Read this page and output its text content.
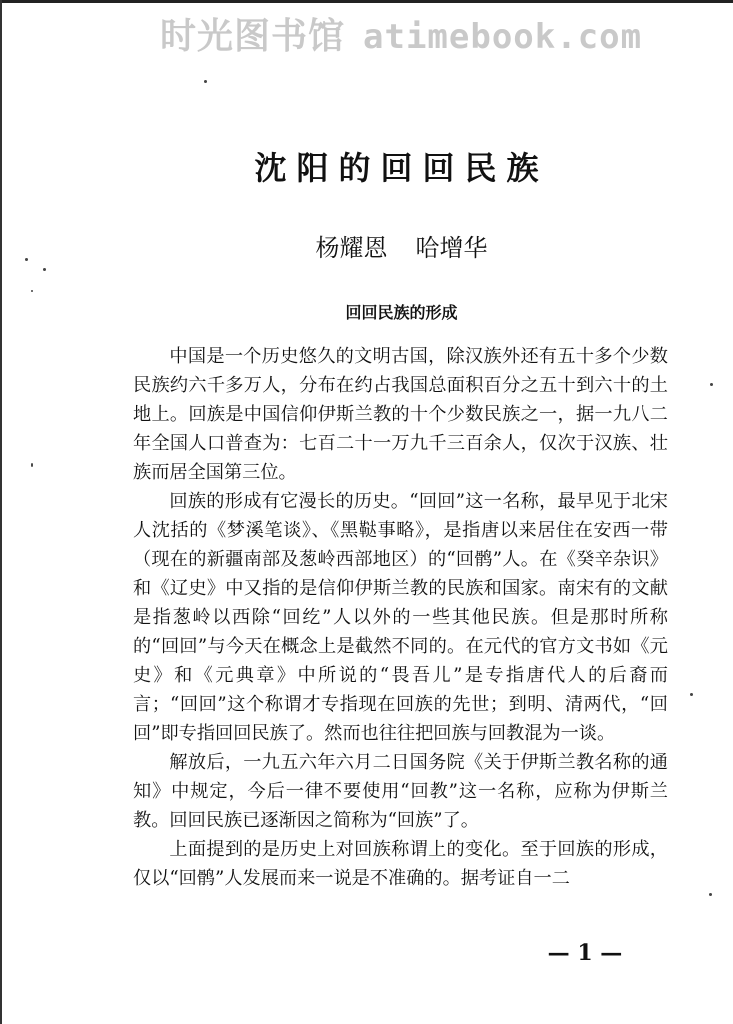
时光图书馆 atimebook.com
沈阳的回回民族
杨耀恩 哈增华
回回民族的形成

中国是一个历史悠久的文明古国，除汉族外还有五十多个少数民族约六千多万人，分布在约占我国总面积百分之五十到六十的土地上。回族是中国信仰伊斯兰教的十个少数民族之一，据一九八二年全国人口普查为：七百二十一万九千三百余人，仅次于汉族、壮族而居全国第三位。

回族的形成有它漫长的历史。“回回”这一名称，最早见于北宋人沈括的《梦溪笔谈》、《黑鞑事略》，是指唐以来居住在安西一带（现在的新疆南部及葱岭西部地区）的“回鹘”人。在《癸辛杂识》和《辽史》中又指的是信仰伊斯兰教的民族和国家。南宋有的文献是指葱岭以西除“回纥”人以外的一些其他民族。但是那时所称的“回回”与今天在概念上是截然不同的。在元代的官方文书如《元史》和《元典章》中所说的“畏吾儿”是专指唐代人的后裔而言；“回回”这个称谓才专指现在回族的先世；到明、清两代，“回回”即专指回回民族了。然而也往往把回族与回教混为一谈。

解放后，一九五六年六月二日国务院《关于伊斯兰教名称的通知》中规定，今后一律不要使用“回教”这一名称，应称为伊斯兰教。回回民族已逐渐因之简称为“回族”了。

上面提到的是历史上对回族称谓上的变化。至于回族的形成，仅以“回鹘”人发展而来一说是不准确的。据考证自一二

— 1 —
